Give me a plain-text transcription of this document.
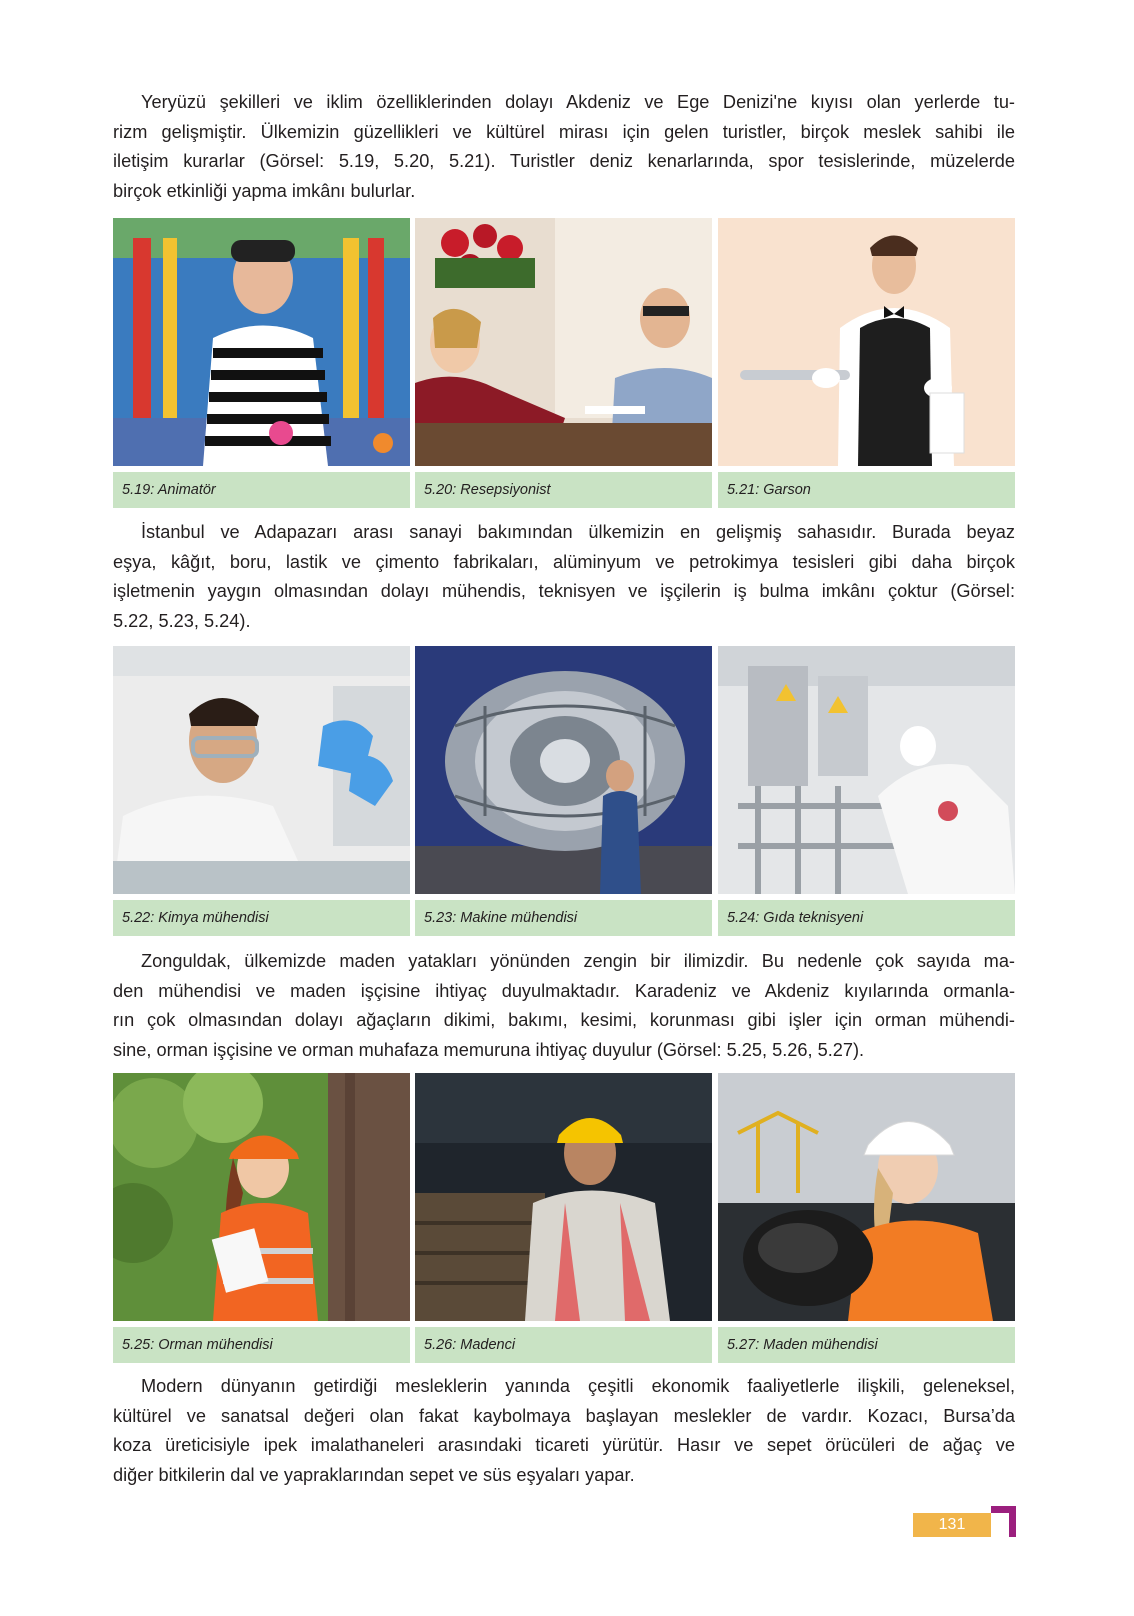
Yeryüzü şekilleri ve iklim özelliklerinden dolayı Akdeniz ve Ege Denizi'ne kıyısı olan yerlerde tu-
rizm gelişmiştir. Ülkemizin güzellikleri ve kültürel mirası için gelen turistler, birçok meslek sahibi ile
iletişim kurarlar (Görsel: 5.19, 5.20, 5.21). Turistler deniz kenarlarında, spor tesislerinde, müzelerde
birçok etkinliği yapma imkânı bulurlar.
5.19: Animatör	5.20: Resepsiyonist	5.21: Garson
İstanbul ve Adapazarı arası sanayi bakımından ülkemizin en gelişmiş sahasıdır. Burada beyaz
eşya, kâğıt, boru, lastik ve çimento fabrikaları, alüminyum ve petrokimya tesisleri gibi daha birçok
işletmenin yaygın olmasından dolayı mühendis, teknisyen ve işçilerin iş bulma imkânı çoktur (Görsel:
5.22, 5.23, 5.24).
5.22: Kimya mühendisi	5.23: Makine mühendisi	5.24: Gıda teknisyeni
Zonguldak, ülkemizde maden yatakları yönünden zengin bir ilimizdir. Bu nedenle çok sayıda ma-
den mühendisi ve maden işçisine ihtiyaç duyulmaktadır. Karadeniz ve Akdeniz kıyılarında ormanla-
rın çok olmasından dolayı ağaçların dikimi, bakımı, kesimi, korunması gibi işler için orman mühendi-
sine, orman işçisine ve orman muhafaza memuruna ihtiyaç duyulur (Görsel: 5.25, 5.26, 5.27).
5.25: Orman mühendisi	5.26: Madenci	5.27: Maden mühendisi
Modern dünyanın getirdiği mesleklerin yanında çeşitli ekonomik faaliyetlerle ilişkili, geleneksel,
kültürel ve sanatsal değeri olan fakat kaybolmaya başlayan meslekler de vardır. Kozacı, Bursa’da
koza üreticisiyle ipek imalathaneleri arasındaki ticareti yürütür. Hasır ve sepet örücüleri de ağaç ve
diğer bitkilerin dal ve yapraklarından sepet ve süs eşyaları yapar.
131
